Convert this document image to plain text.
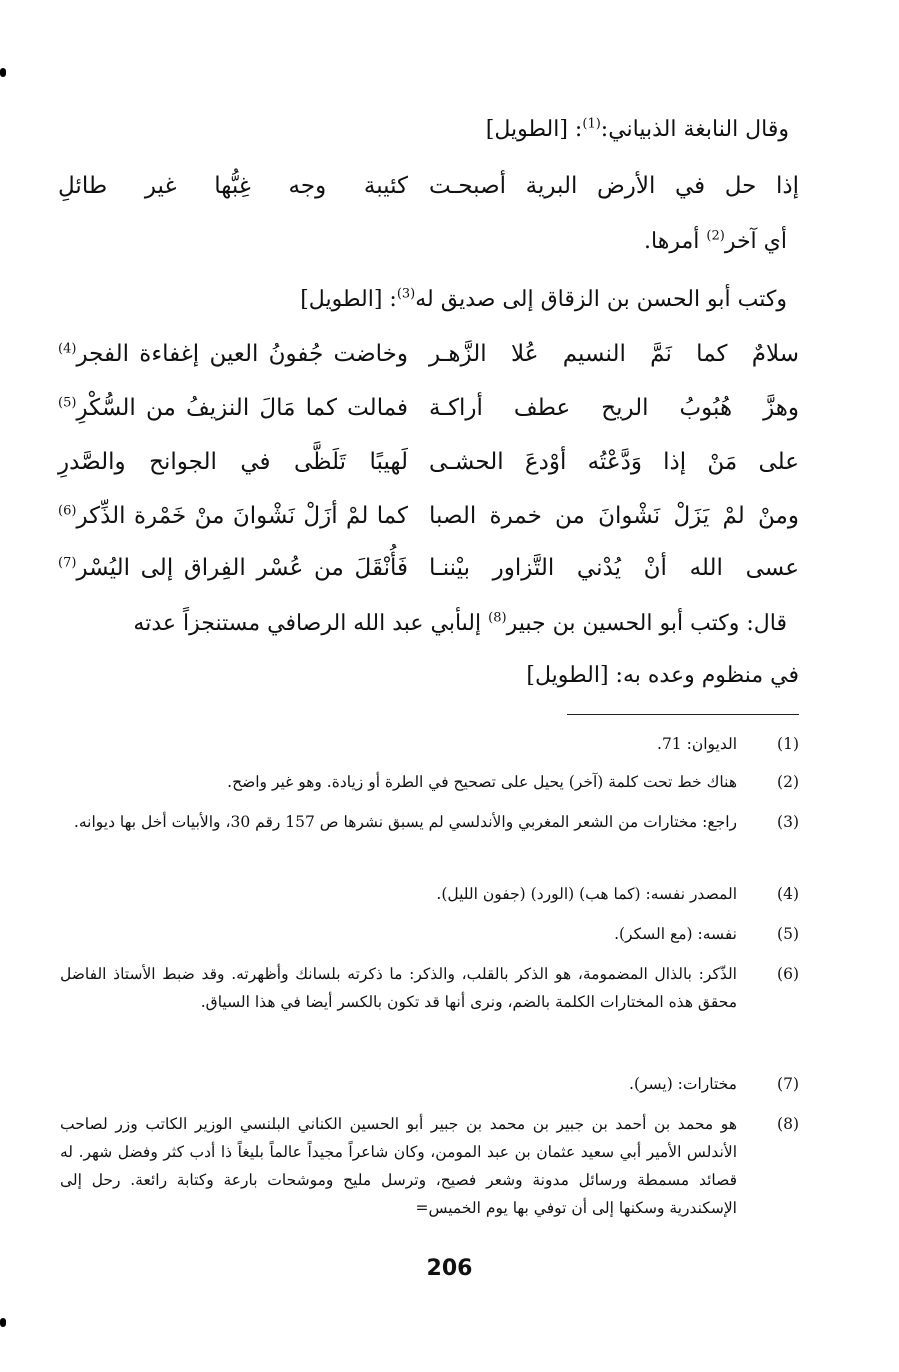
وقال النابغة الذبياني:$^{(1)}$: [الطويل]
إذا حل في الأرض البرية أصبحـت
كئيبة وجه غِبُّها غير طائلِ
أي آخر$^{(2)}$ أمرها.
وكتب أبو الحسن بن الزقاق إلى صديق له$^{(3)}$: [الطويل]
سلامٌ كما نَمَّ النسيم عُلا الزَّهـر
وخاضت جُفونُ العين إغفاءة الفجر$^{(4)}$
وهزَّ هُبُوبُ الريح عطف أراكـة
فمالت كما مَالَ النزيفُ من السُّكْرِ$^{(5)}$
على مَنْ إذا وَدَّعْتُه أوْدعَ الحشـى
لَهيبًا تَلَظَّى في الجوانح والصَّدرِ
ومنْ لمْ يَزَلْ نَشْوانَ من خمرة الصبا
كما لمْ أزَلْ نَشْوانَ منْ خَمْرة الذِّكر$^{(6)}$
عسى الله أنْ يُدْني التَّزاور بيْننـا
فَأُنْقَلَ من عُسْر الفِراق إلى اليُسْر$^{(7)}$
قال: وكتب أبو الحسين بن جبير$^{(8)}$ إلىأبي عبد الله الرصافي مستنجزاً عدته
في منظوم وعده به: [الطويل]
(1)
الديوان: 71.
(2)
هناك خط تحت كلمة (آخر) يحيل على تصحيح في الطرة أو زيادة. وهو غير واضح.
(3)
راجع: مختارات من الشعر المغربي والأندلسي لم يسبق نشرها ص 157 رقم 30، والأبيات أخل بها ديوانه.
(4)
المصدر نفسه: (كما هب) (الورد) (جفون الليل).
(5)
نفسه: (مع السكر).
(6)
الذّكر: بالذال المضمومة، هو الذكر بالقلب، والذكر: ما ذكرته بلسانك وأظهرته. وقد ضبط الأستاذ الفاضل محقق هذه المختارات الكلمة بالضم، ونرى أنها قد تكون بالكسر أيضا في هذا السياق.
(7)
مختارات: (يسر).
(8)
هو محمد بن أحمد بن جبير بن محمد بن جبير أبو الحسين الكناني البلنسي الوزير الكاتب وزر لصاحب الأندلس الأمير أبي سعيد عثمان بن عبد المومن، وكان شاعراً مجيداً عالماً بليغاً ذا أدب كثر وفضل شهر. له قصائد مسمطة ورسائل مدونة وشعر فصيح، وترسل مليح وموشحات بارعة وكتابة رائعة. رحل إلى الإسكندرية وسكنها إلى أن توفي بها يوم الخميس=
206
